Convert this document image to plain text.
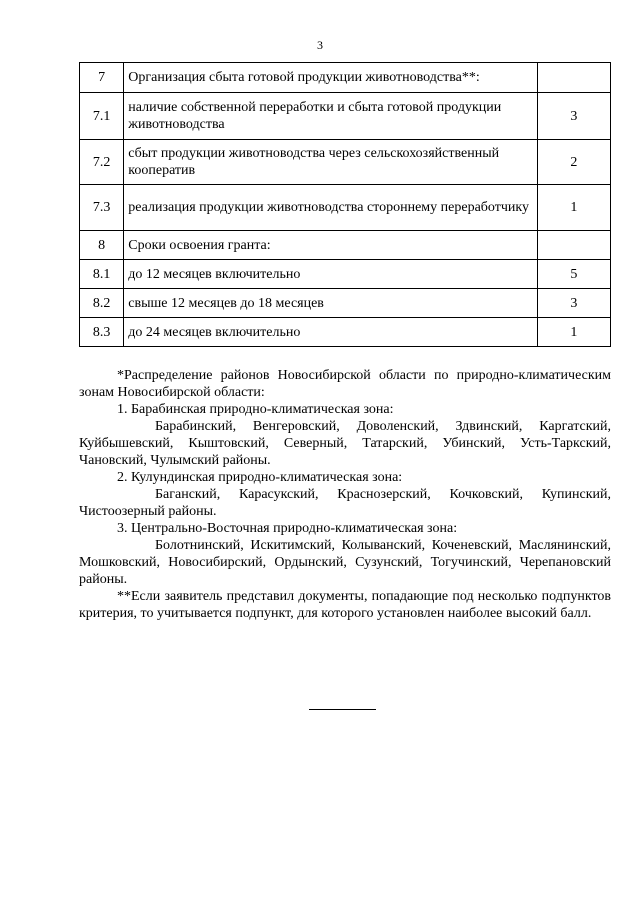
3
7	Организация сбыта готовой продукции животноводства**:	
7.1	наличие собственной переработки и сбыта готовой продукции животноводства	3
7.2	сбыт продукции животноводства через сельскохозяйственный кооператив	2
7.3	реализация продукции животноводства стороннему переработчику	1
8	Сроки освоения гранта:	
8.1	до 12 месяцев включительно	5
8.2	свыше 12 месяцев до 18 месяцев	3
8.3	до 24 месяцев включительно	1

*Распределение районов Новосибирской области по природно-климатическим зонам Новосибирской области:

1. Барабинская природно-климатическая зона:

Барабинский, Венгеровский, Доволенский, Здвинский, Каргатский, Куйбышевский, Кыштовский, Северный, Татарский, Убинский, Усть-Таркский, Чановский, Чулымский районы.

2. Кулундинская природно-климатическая зона:

Баганский, Карасукский, Краснозерский, Кочковский, Купинский, Чистоозерный районы.

3. Центрально-Восточная природно-климатическая зона:

Болотнинский, Искитимский, Колыванский, Коченевский, Маслянинский, Мошковский, Новосибирский, Ордынский, Сузунский, Тогучинский, Черепановский районы.

**Если заявитель представил документы, попадающие под несколько подпунктов критерия, то учитывается подпункт, для которого установлен наиболее высокий балл.
